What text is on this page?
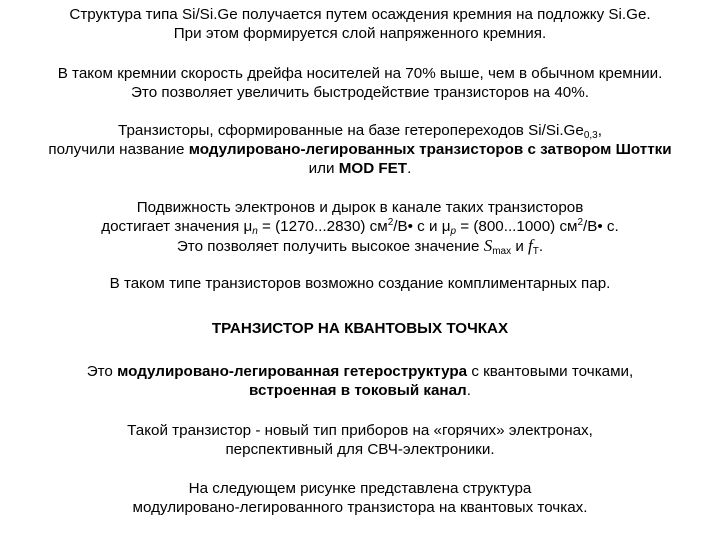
Структура типа Si/Si.Ge получается путем осаждения кремния на подложку Si.Ge.
При этом формируется слой напряженного кремния.
В таком кремнии скорость дрейфа носителей на 70% выше, чем в обычном кремнии.
Это позволяет увеличить быстродействие транзисторов на 40%.
Транзисторы, сформированные на базе гетеропереходов $Si/Si.Ge_{0,3}$,
получили название модулировано-легированных транзисторов с затвором Шоттки
или MOD FET.
Подвижность электронов и дырок в канале таких транзисторов
достигает значения $\mu_n = (1270...2830)$ $см^2/В•$ с и $\mu_p = (800...1000)$ $см^2/В•$ с.
Это позволяет получить высокое значение $S_{max}$ и $f_T$.
В таком типе транзисторов возможно создание комплиментарных пар.
ТРАНЗИСТОР НА КВАНТОВЫХ ТОЧКАХ
Это модулировано-легированная гетероструктура с квантовыми точками,
встроенная в токовый канал.
Такой транзистор - новый тип приборов на «горячих» электронах,
перспективный для СВЧ-электроники.
На следующем рисунке представлена структура
модулировано-легированного транзистора на квантовых точках.
